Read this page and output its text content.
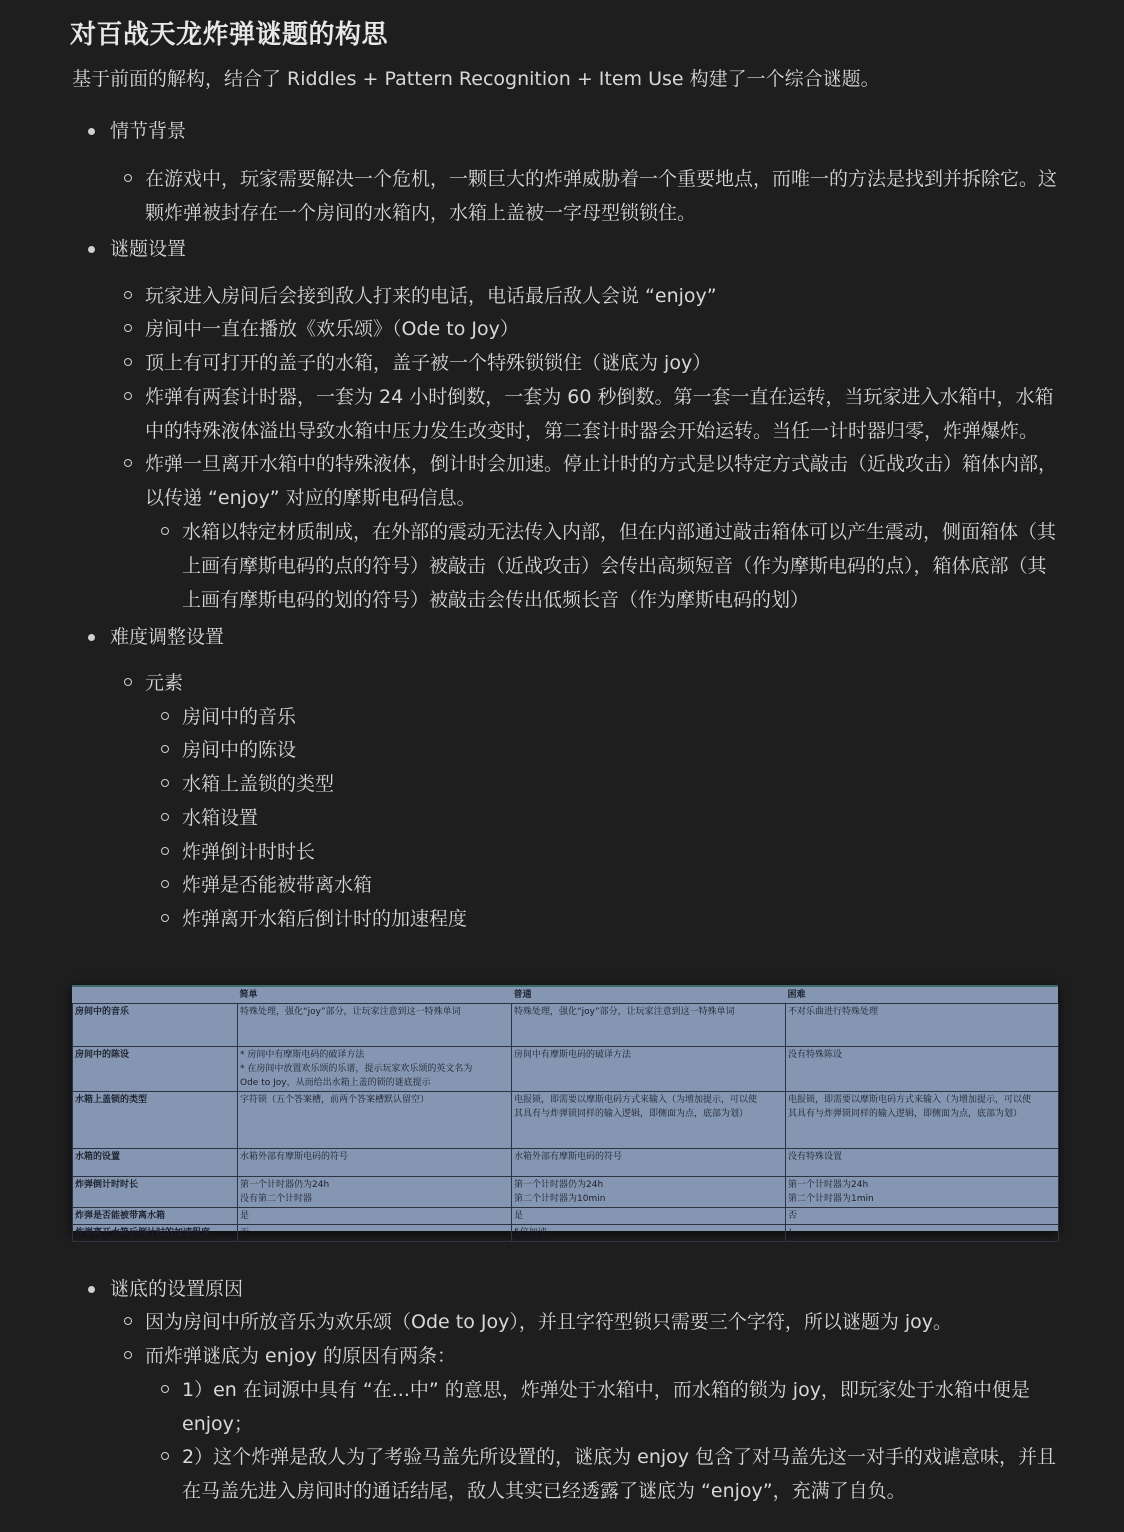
对百战天龙炸弹谜题的构思

基于前面的解构，结合了 Riddles + Pattern Recognition + Item Use 构建了一个综合谜题。

情节背景
在游戏中，玩家需要解决一个危机，一颗巨大的炸弹威胁着一个重要地点，而唯一的方法是找到并拆除它。这颗炸弹被封存在一个房间的水箱内，水箱上盖被一字母型锁锁住。
谜题设置
玩家进入房间后会接到敌人打来的电话，电话最后敌人会说 “enjoy”
房间中一直在播放《欢乐颂》（Ode to Joy）
顶上有可打开的盖子的水箱，盖子被一个特殊锁锁住（谜底为 joy）
炸弹有两套计时器，一套为 24 小时倒数，一套为 60 秒倒数。第一套一直在运转，当玩家进入水箱中，水箱中的特殊液体溢出导致水箱中压力发生改变时，第二套计时器会开始运转。当任一计时器归零，炸弹爆炸。
炸弹一旦离开水箱中的特殊液体，倒计时会加速。停止计时的方式是以特定方式敲击（近战攻击）箱体内部，以传递 “enjoy” 对应的摩斯电码信息。
水箱以特定材质制成，在外部的震动无法传入内部，但在内部通过敲击箱体可以产生震动，侧面箱体（其上画有摩斯电码的点的符号）被敲击（近战攻击）会传出高频短音（作为摩斯电码的点），箱体底部（其上画有摩斯电码的划的符号）被敲击会传出低频长音（作为摩斯电码的划）
难度调整设置
元素
房间中的音乐
房间中的陈设
水箱上盖锁的类型
水箱设置
炸弹倒计时时长
炸弹是否能被带离水箱
炸弹离开水箱后倒计时的加速程度
	简单	普通	困难
房间中的音乐	特殊处理，强化“joy”部分，让玩家注意到这一特殊单词	特殊处理，强化“joy”部分，让玩家注意到这一特殊单词	不对乐曲进行特殊处理

房间中的陈设	* 房间中有摩斯电码的破译方法
* 在房间中放置欢乐颂的乐谱，提示玩家欢乐颂的英文名为
Ode to Joy，从而给出水箱上盖的锁的谜底提示	房间中有摩斯电码的破译方法	没有特殊陈设

水箱上盖锁的类型	字符锁（五个答案槽，前两个答案槽默认留空）	电报锁，即需要以摩斯电码方式来输入（为增加提示，可以使
其具有与炸弹锁同样的输入逻辑，即侧面为点，底部为划）	电报锁，即需要以摩斯电码方式来输入（为增加提示，可以使
其具有与炸弹锁同样的输入逻辑，即侧面为点，底部为划）

水箱的设置	水箱外部有摩斯电码的符号	水箱外部有摩斯电码的符号	没有特殊设置

炸弹倒计时时长	第一个计时器仍为24h
没有第二个计时器	第一个计时器仍为24h
第二个计时器为10min	第一个计时器为24h
第二个计时器为1min

炸弹是否能被带离水箱	是	是	否

炸弹离开水箱后倒计时的加速程度	无	5倍加速	/
谜底的设置原因
因为房间中所放音乐为欢乐颂（Ode to Joy），并且字符型锁只需要三个字符，所以谜题为 joy。
而炸弹谜底为 enjoy 的原因有两条：
1）en 在词源中具有 “在...中” 的意思，炸弹处于水箱中，而水箱的锁为 joy，即玩家处于水箱中便是 enjoy；
2）这个炸弹是敌人为了考验马盖先所设置的，谜底为 enjoy 包含了对马盖先这一对手的戏谑意味，并且在马盖先进入房间时的通话结尾，敌人其实已经透露了谜底为 “enjoy”，充满了自负。
